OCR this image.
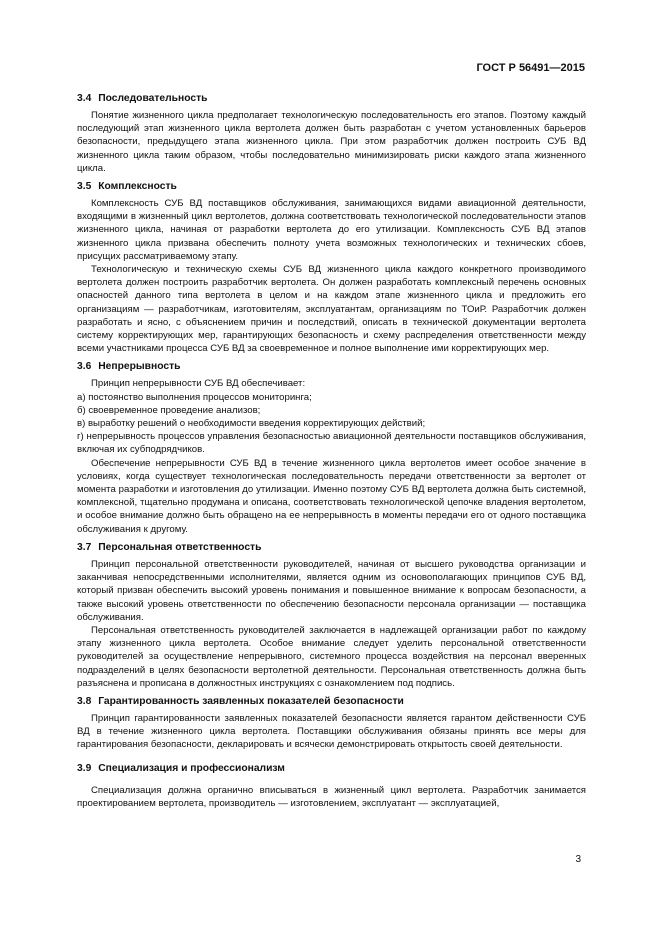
ГОСТ Р 56491—2015
3.4 Последовательность

Понятие жизненного цикла предполагает технологическую последовательность его этапов. Поэтому каждый последующий этап жизненного цикла вертолета должен быть разработан с учетом установленных барьеров безопасности, предыдущего этапа жизненного цикла. При этом разработчик должен построить СУБ ВД жизненного цикла таким образом, чтобы последовательно минимизировать риски каждого этапа жизненного цикла.

3.5 Комплексность

Комплексность СУБ ВД поставщиков обслуживания, занимающихся видами авиационной деятельности, входящими в жизненный цикл вертолетов, должна соответствовать технологической последовательности этапов жизненного цикла, начиная от разработки вертолета до его утилизации. Комплексность СУБ ВД этапов жизненного цикла призвана обеспечить полноту учета возможных технологических и технических сбоев, присущих рассматриваемому этапу.

Технологическую и техническую схемы СУБ ВД жизненного цикла каждого конкретного производимого вертолета должен построить разработчик вертолета. Он должен разработать комплексный перечень основных опасностей данного типа вертолета в целом и на каждом этапе жизненного цикла и предложить его организациям — разработчикам, изготовителям, эксплуатантам, организациям по ТОиР. Разработчик должен разработать и ясно, с объяснением причин и последствий, описать в технической документации вертолета систему корректирующих мер, гарантирующих безопасность и схему распределения ответственности между всеми участниками процесса СУБ ВД за своевременное и полное выполнение ими корректирующих мер.

3.6 Непрерывность

Принцип непрерывности СУБ ВД обеспечивает:

а) постоянство выполнения процессов мониторинга;

б) своевременное проведение анализов;

в) выработку решений о необходимости введения корректирующих действий;

г) непрерывность процессов управления безопасностью авиационной деятельности поставщиков обслуживания, включая их субподрядчиков.

Обеспечение непрерывности СУБ ВД в течение жизненного цикла вертолетов имеет особое значение в условиях, когда существует технологическая последовательность передачи ответственности за вертолет от момента разработки и изготовления до утилизации. Именно поэтому СУБ ВД вертолета должна быть системной, комплексной, тщательно продумана и описана, соответствовать технологической цепочке владения вертолетом, и особое внимание должно быть обращено на ее непрерывность в моменты передачи его от одного поставщика обслуживания к другому.

3.7 Персональная ответственность

Принцип персональной ответственности руководителей, начиная от высшего руководства организации и заканчивая непосредственными исполнителями, является одним из основополагающих принципов СУБ ВД, который призван обеспечить высокий уровень понимания и повышенное внимание к вопросам безопасности, а также высокий уровень ответственности по обеспечению безопасности персонала организации — поставщика обслуживания.

Персональная ответственность руководителей заключается в надлежащей организации работ по каждому этапу жизненного цикла вертолета. Особое внимание следует уделить персональной ответственности руководителей за осуществление непрерывного, системного процесса воздействия на персонал вверенных подразделений в целях безопасности вертолетной деятельности. Персональная ответственность должна быть разъяснена и прописана в должностных инструкциях с ознакомлением под подпись.

3.8 Гарантированность заявленных показателей безопасности

Принцип гарантированности заявленных показателей безопасности является гарантом действенности СУБ ВД в течение жизненного цикла вертолета. Поставщики обслуживания обязаны принять все меры для гарантирования безопасности, декларировать и всячески демонстрировать открытость своей деятельности.

3.9 Специализация и профессионализм

Специализация должна органично вписываться в жизненный цикл вертолета. Разработчик занимается проектированием вертолета, производитель — изготовлением, эксплуатант — эксплуатацией,

3
